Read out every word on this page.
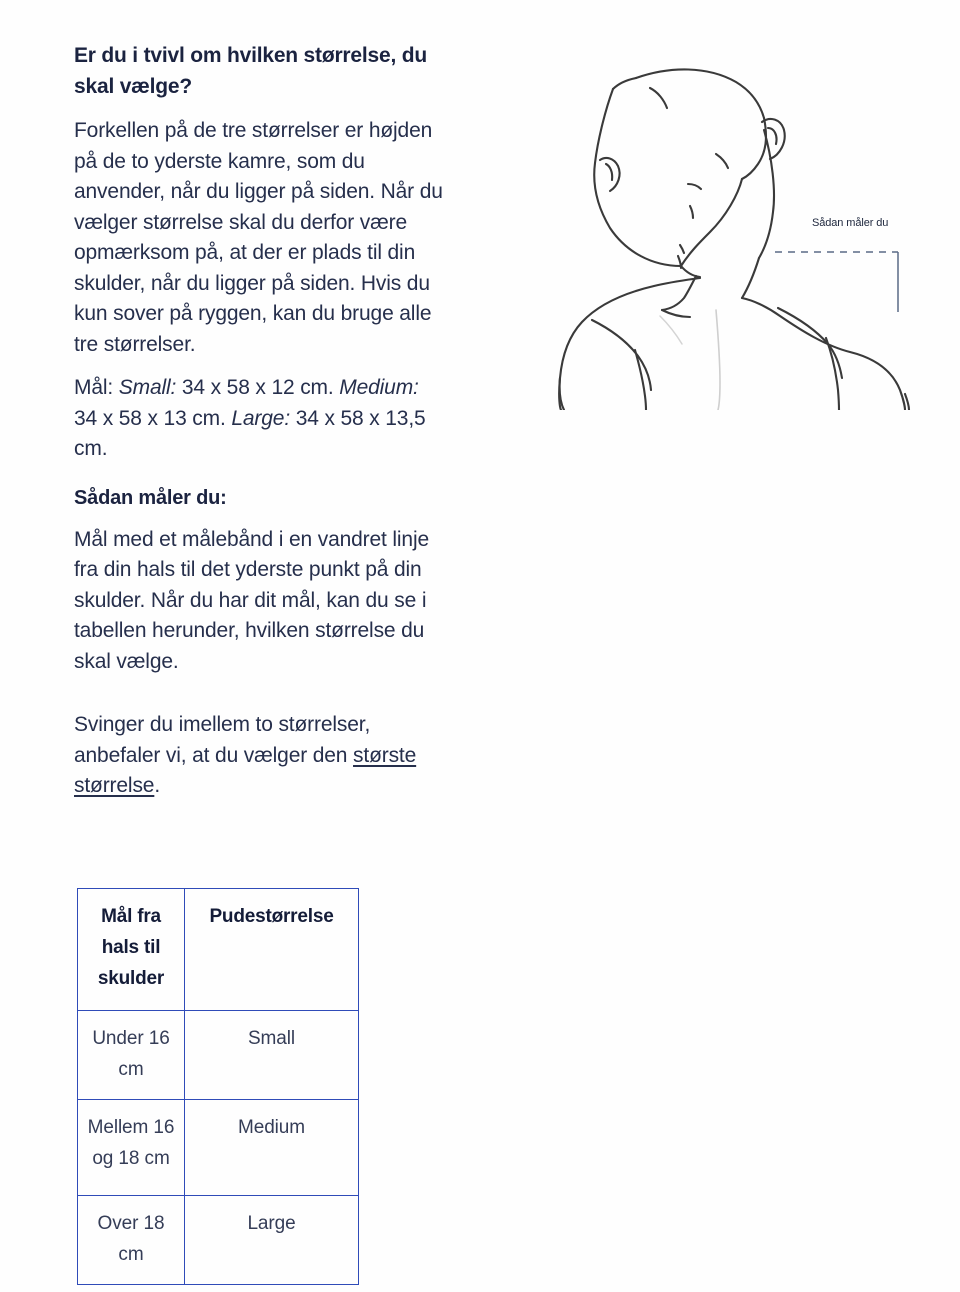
Er du i tvivl om hvilken størrelse, du skal vælge?

Forkellen på de tre størrelser er højden på de to yderste kamre, som du anvender, når du ligger på siden. Når du vælger størrelse skal du derfor være opmærksom på, at der er plads til din skulder, når du ligger på siden. Hvis du kun sover på ryggen, kan du bruge alle tre størrelser.

Mål: Small: 34 x 58 x 12 cm. Medium: 34 x 58 x 13 cm. Large: 34 x 58 x 13,5 cm.

Sådan måler du:

Mål med et målebånd i en vandret linje fra din hals til det yderste punkt på din skulder. Når du har dit mål, kan du se i tabellen herunder, hvilken størrelse du skal vælge.

Svinger du imellem to størrelser, anbefaler vi, at du vælger den største størrelse.

Sådan måler du
Mål fra hals til skulder	Pudestørrelse
Under 16 cm	Small
Mellem 16 og 18 cm	Medium
Over 18 cm	Large
